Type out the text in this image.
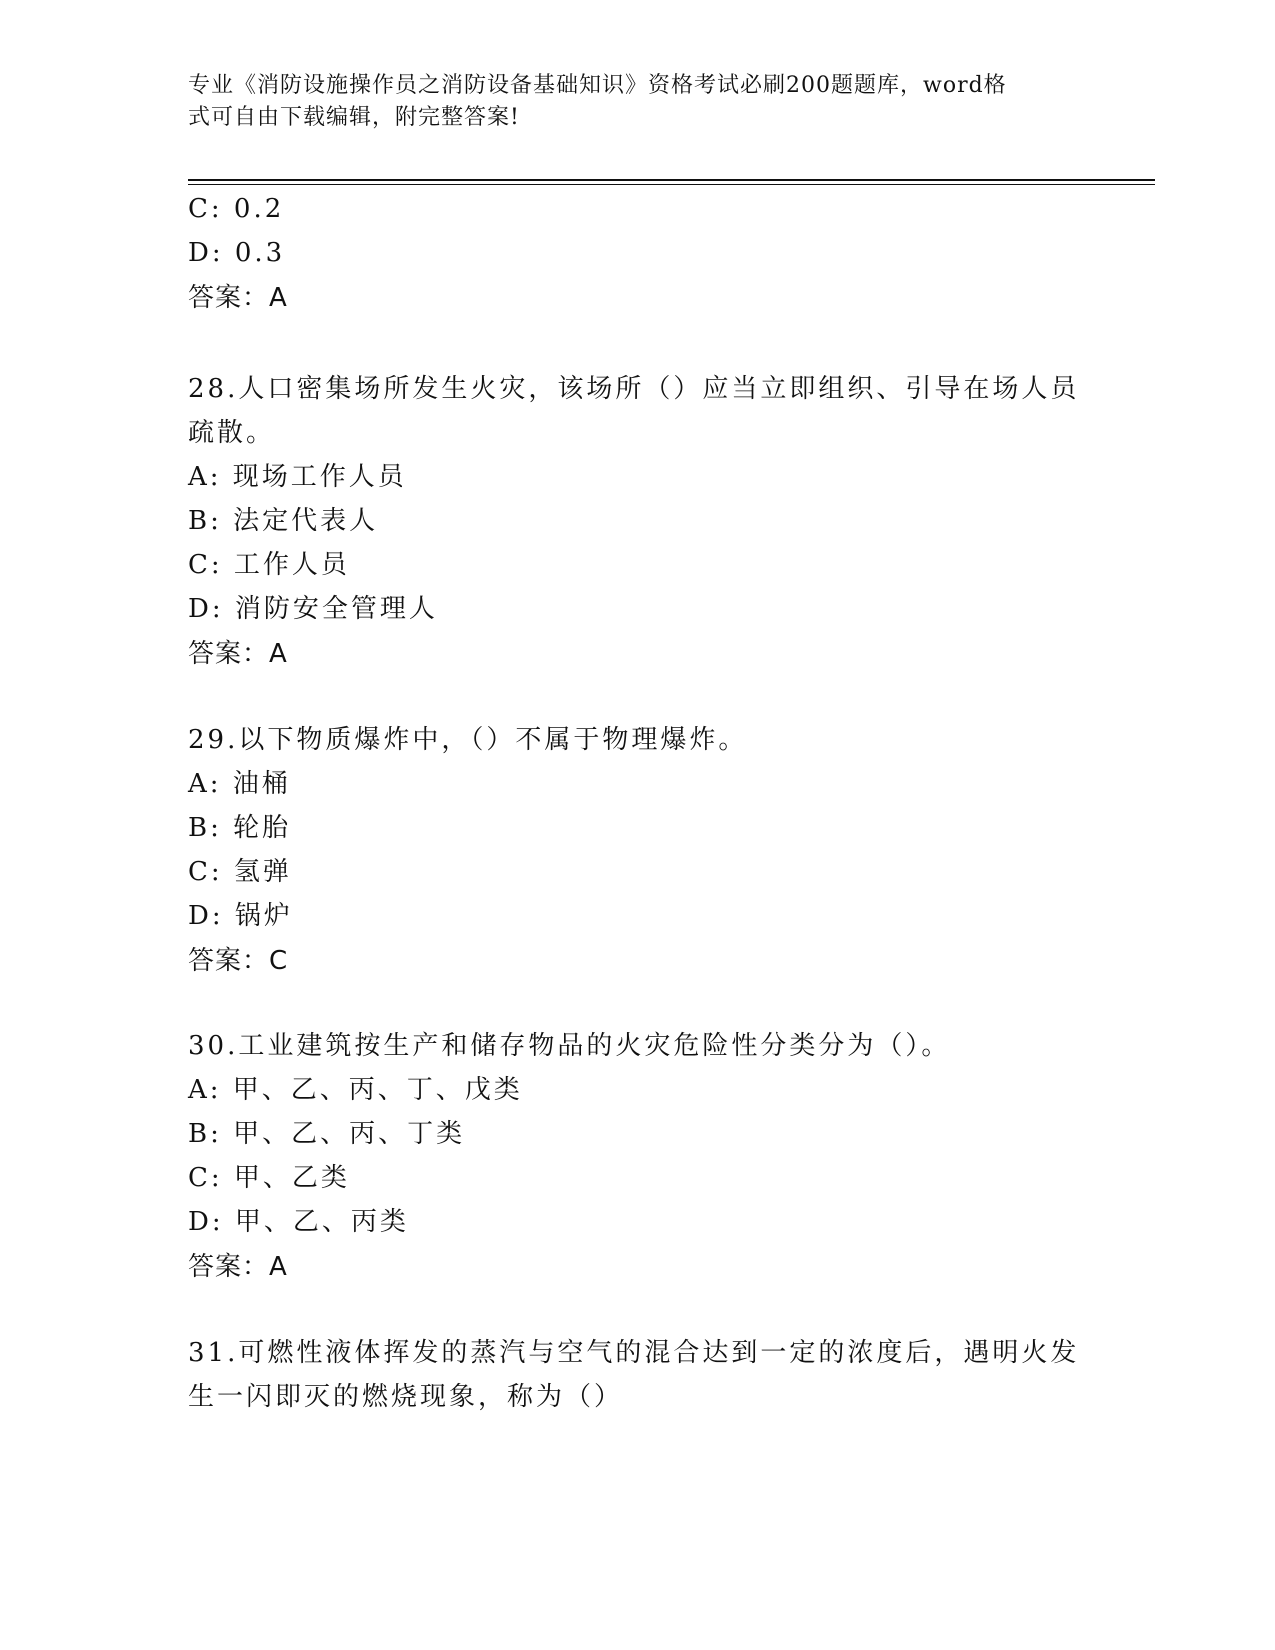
专业《消防设施操作员之消防设备基础知识》资格考试必刷200题题库，word格
式可自由下载编辑，附完整答案!
C: 0.2
D: 0.3
答案：A
28.人口密集场所发生火灾，该场所（）应当立即组织、引导在场人员
疏散。
A: 现场工作人员
B: 法定代表人
C: 工作人员
D: 消防安全管理人
答案：A
29.以下物质爆炸中，（）不属于物理爆炸。
A: 油桶
B: 轮胎
C: 氢弹
D: 锅炉
答案：C
30.工业建筑按生产和储存物品的火灾危险性分类分为（）。
A: 甲、乙、丙、丁、戊类
B: 甲、乙、丙、丁类
C: 甲、乙类
D: 甲、乙、丙类
答案：A
31.可燃性液体挥发的蒸汽与空气的混合达到一定的浓度后，遇明火发
生一闪即灭的燃烧现象，称为（）
